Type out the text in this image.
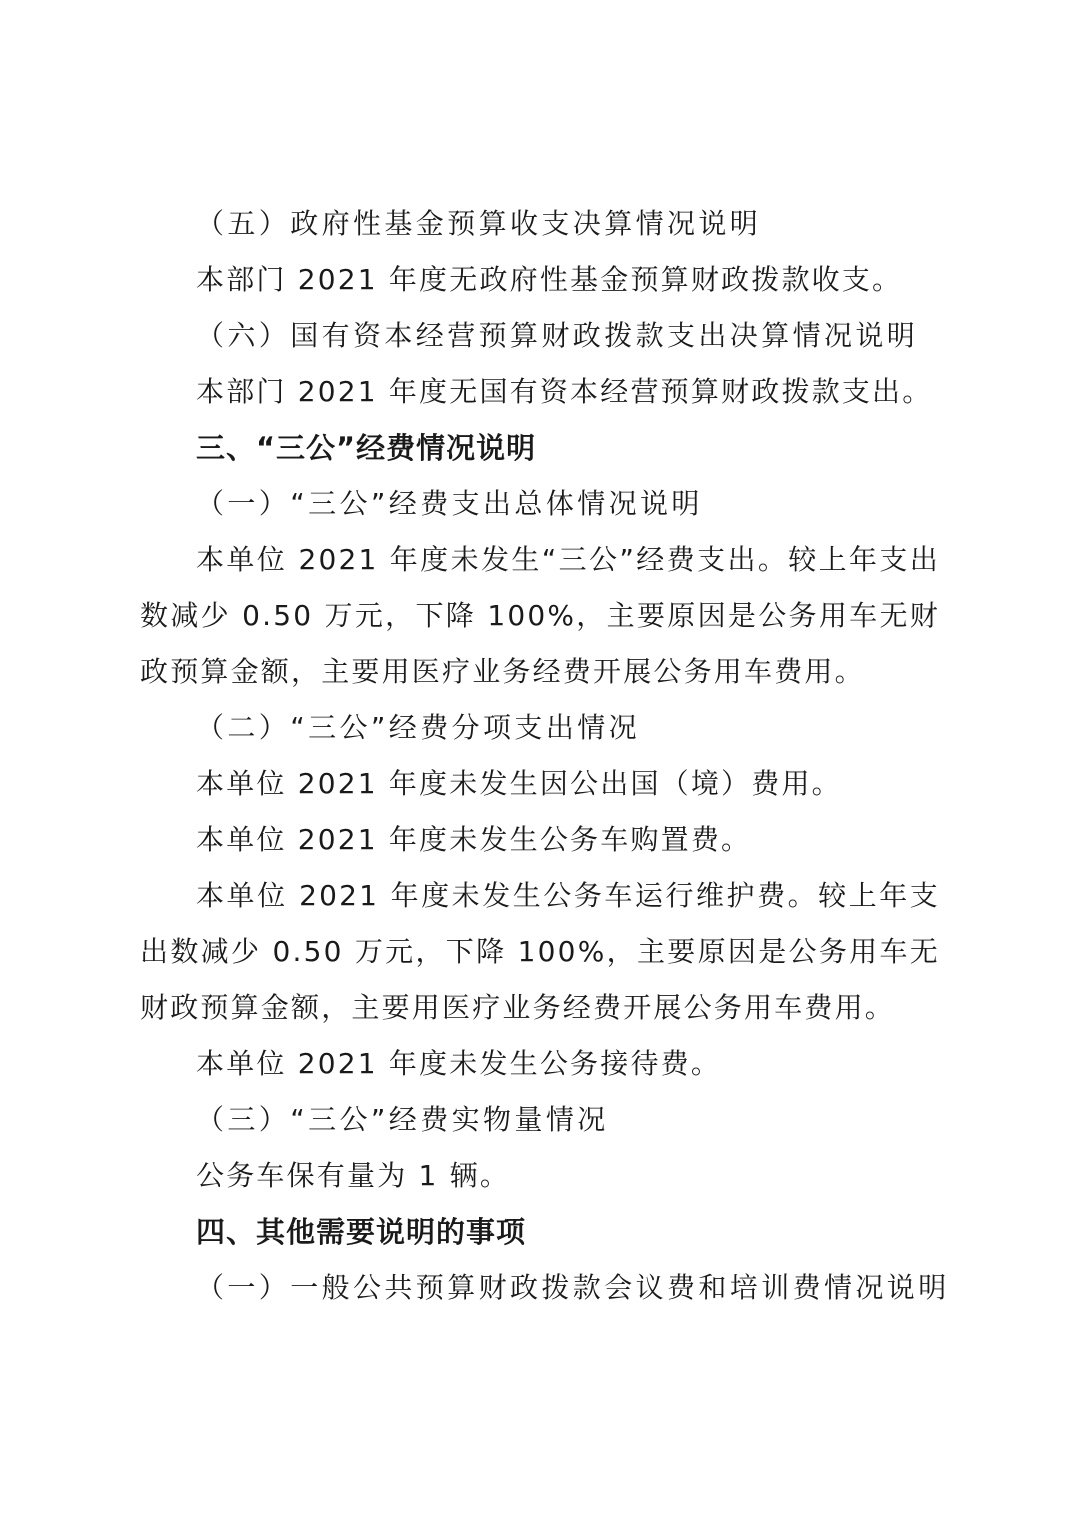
（五）政府性基金预算收支决算情况说明
本部门 2021 年度无政府性基金预算财政拨款收支。
（六）国有资本经营预算财政拨款支出决算情况说明
本部门 2021 年度无国有资本经营预算财政拨款支出。
三、“三公”经费情况说明
（一）“三公”经费支出总体情况说明
本单位 2021 年度未发生“三公”经费支出。较上年支出数减少 0.50 万元，下降 100%，主要原因是公务用车无财政预算金额，主要用医疗业务经费开展公务用车费用。
（二）“三公”经费分项支出情况
本单位 2021 年度未发生因公出国（境）费用。
本单位 2021 年度未发生公务车购置费。
本单位 2021 年度未发生公务车运行维护费。较上年支出数减少 0.50 万元，下降 100%，主要原因是公务用车无财政预算金额，主要用医疗业务经费开展公务用车费用。
本单位 2021 年度未发生公务接待费。
（三）“三公”经费实物量情况
公务车保有量为 1 辆。
四、其他需要说明的事项
（一）一般公共预算财政拨款会议费和培训费情况说明
